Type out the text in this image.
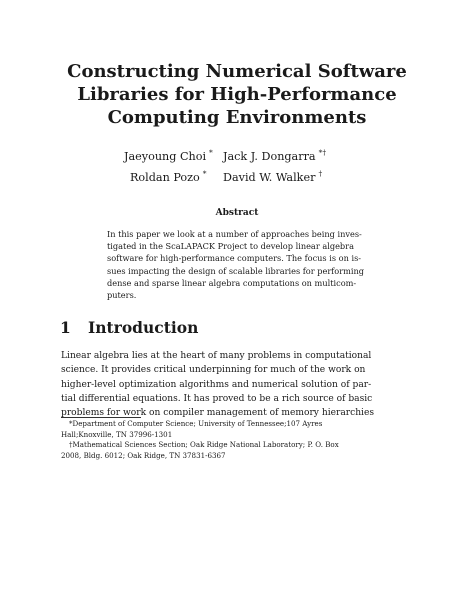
Constructing Numerical Software
Libraries for High-Performance
Computing Environments
Jaeyoung Choi *
Roldan Pozo *
Jack J. Dongarra *†
David W. Walker †
Abstract
In this paper we look at a number of approaches being inves-
tigated in the ScaLAPACK Project to develop linear algebra
software for high-performance computers. The focus is on is-
sues impacting the design of scalable libraries for performing
dense and sparse linear algebra computations on multicom-
puters.
1 Introduction
Linear algebra lies at the heart of many problems in computational
science. It provides critical underpinning for much of the work on
higher-level optimization algorithms and numerical solution of par-
tial differential equations. It has proved to be a rich source of basic
problems for work on compiler management of memory hierarchies
*Department of Computer Science; University of Tennessee;107 Ayres
Hall;Knoxville, TN 37996-1301
†Mathematical Sciences Section; Oak Ridge National Laboratory; P. O. Box
2008, Bldg. 6012; Oak Ridge, TN 37831-6367
